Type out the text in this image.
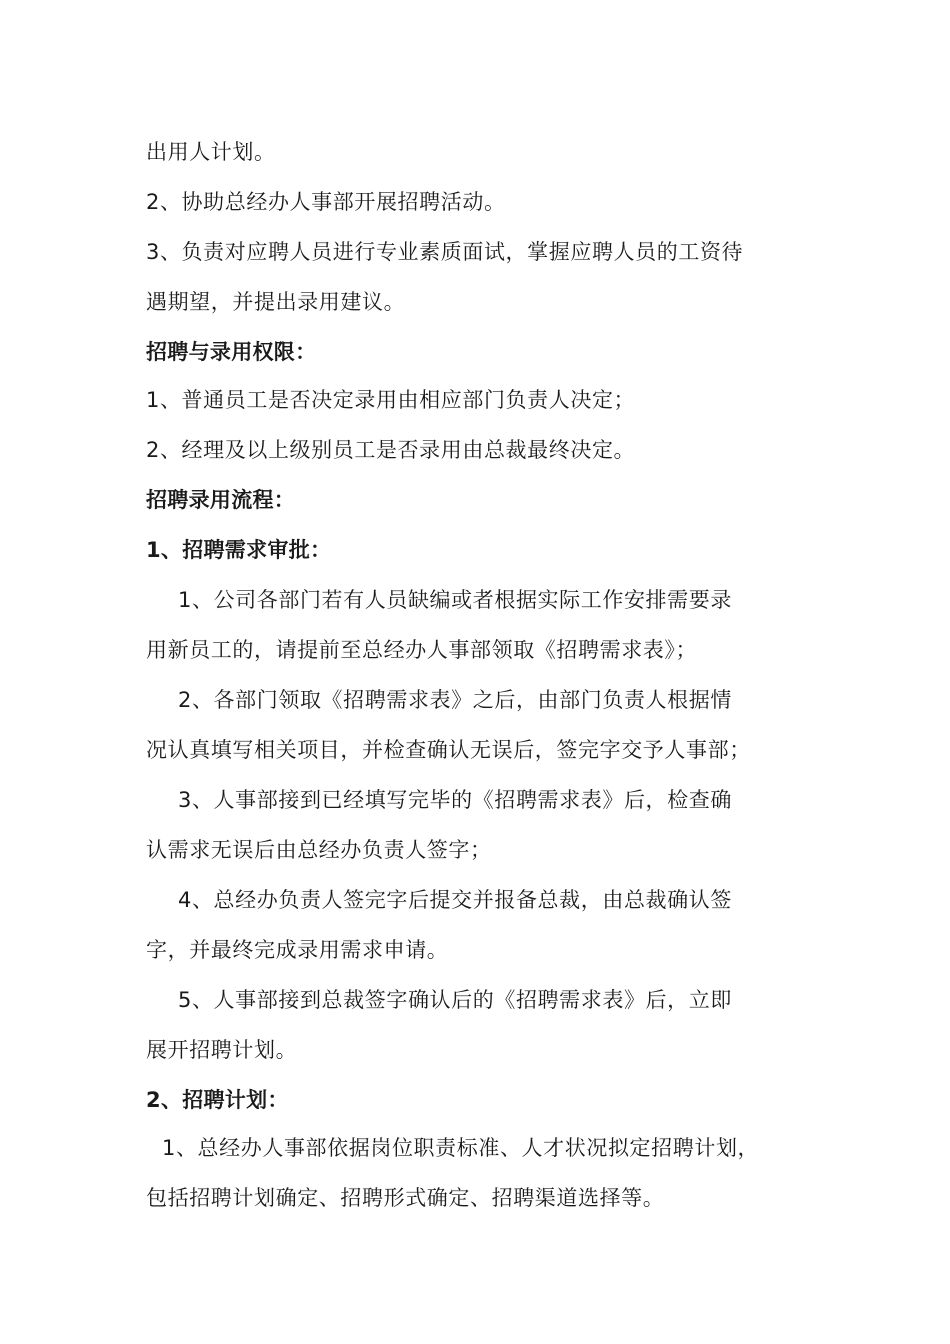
出用人计划。
2、协助总经办人事部开展招聘活动。
3、负责对应聘人员进行专业素质面试，掌握应聘人员的工资待
遇期望，并提出录用建议。
招聘与录用权限：
1、普通员工是否决定录用由相应部门负责人决定；
2、经理及以上级别员工是否录用由总裁最终决定。
招聘录用流程：
1、招聘需求审批：
1、公司各部门若有人员缺编或者根据实际工作安排需要录
用新员工的，请提前至总经办人事部领取《招聘需求表》；
2、各部门领取《招聘需求表》之后，由部门负责人根据情
况认真填写相关项目，并检查确认无误后，签完字交予人事部；
3、人事部接到已经填写完毕的《招聘需求表》后，检查确
认需求无误后由总经办负责人签字；
4、总经办负责人签完字后提交并报备总裁，由总裁确认签
字，并最终完成录用需求申请。
5、人事部接到总裁签字确认后的《招聘需求表》后，立即
展开招聘计划。
2、招聘计划：
1、总经办人事部依据岗位职责标准、人才状况拟定招聘计划，
包括招聘计划确定、招聘形式确定、招聘渠道选择等。
